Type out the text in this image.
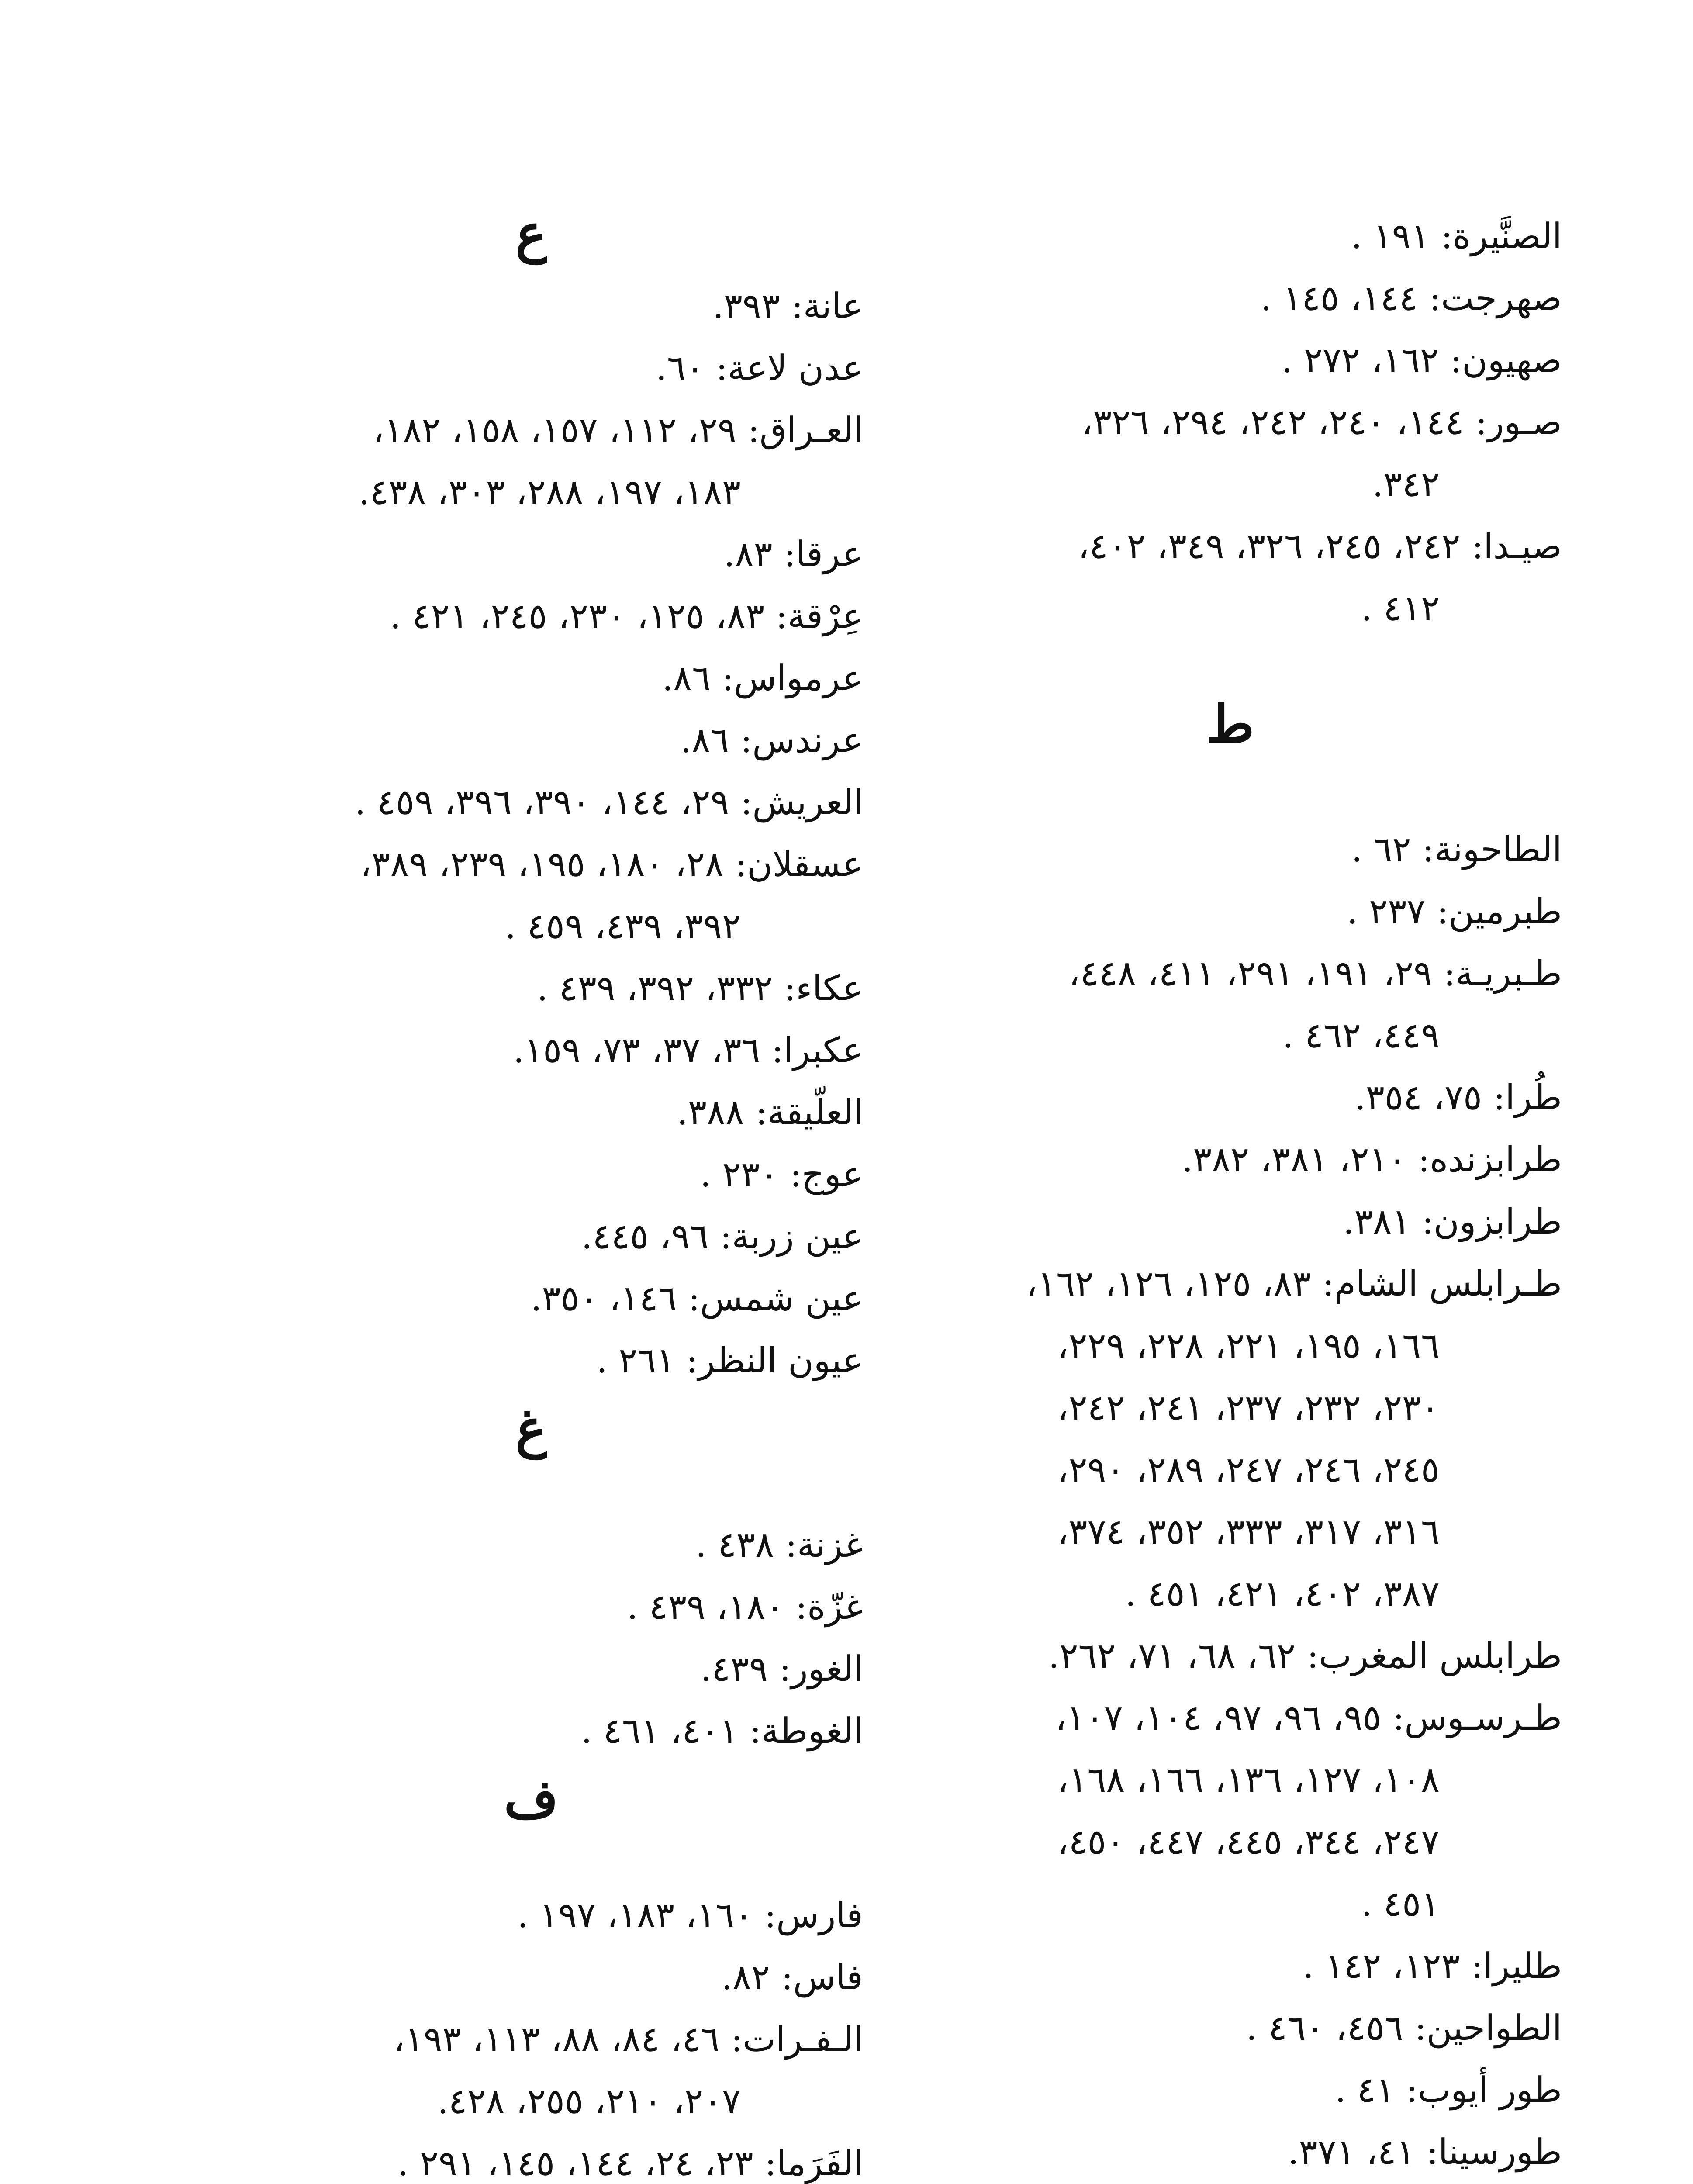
الصنَّيرة:١٩١ .
صهرجت:١٤٤، ١٤٥ .
صهيون:١٦٢، ٢٧٢ .
صـور:١٤٤، ٢٤٠، ٢٤٢، ٢٩٤، ٣٢٦،
٣٤٢.
صيـدا:٢٤٢، ٢٤٥، ٣٢٦، ٣٤٩، ٤٠٢،
٤١٢ .
ط
الطاحونة:٦٢ .
طبرمين:٢٣٧ .
طـبريـة:٢٩، ١٩١، ٢٩١، ٤١١، ٤٤٨،
٤٤٩، ٤٦٢ .
طُرا:٧٥، ٣٥٤.
طرابزنده:٢١٠، ٣٨١، ٣٨٢.
طرابزون:٣٨١.
طـرابلس الشام:٨٣، ١٢٥، ١٢٦، ١٦٢،
١٦٦، ١٩٥، ٢٢١، ٢٢٨، ٢٢٩،
٢٣٠، ٢٣٢، ٢٣٧، ٢٤١، ٢٤٢،
٢٤٥، ٢٤٦، ٢٤٧، ٢٨٩، ٢٩٠،
٣١٦، ٣١٧، ٣٣٣، ٣٥٢، ٣٧٤،
٣٨٧، ٤٠٢، ٤٢١، ٤٥١ .
طرابلس المغرب:٦٢، ٦٨، ٧١، ٢٦٢.
طـرسـوس:٩٥، ٩٦، ٩٧، ١٠٤، ١٠٧،
١٠٨، ١٢٧، ١٣٦، ١٦٦، ١٦٨،
٢٤٧، ٣٤٤، ٤٤٥، ٤٤٧، ٤٥٠،
٤٥١ .
طليرا:١٢٣، ١٤٢ .
الطواحين:٤٥٦، ٤٦٠ .
طور أيوب:٤١ .
طورسينا:٤١، ٣٧١.
ع
عانة:٣٩٣.
عدن لاعة:٦٠.
العـراق:٢٩، ١١٢، ١٥٧، ١٥٨، ١٨٢،
١٨٣، ١٩٧، ٢٨٨، ٣٠٣، ٤٣٨.
عرقا:٨٣.
عِرْقة:٨٣، ١٢٥، ٢٣٠، ٢٤٥، ٤٢١ .
عرمواس:٨٦.
عرندس:٨٦.
العريش:٢٩، ١٤٤، ٣٩٠، ٣٩٦، ٤٥٩ .
عسقلان:٢٨، ١٨٠، ١٩٥، ٢٣٩، ٣٨٩،
٣٩٢، ٤٣٩، ٤٥٩ .
عكاء:٣٣٢، ٣٩٢، ٤٣٩ .
عكبرا:٣٦، ٣٧، ٧٣، ١٥٩.
العلّيقة:٣٨٨.
عوج:٢٣٠ .
عين زربة:٩٦، ٤٤٥.
عين شمس:١٤٦، ٣٥٠.
عيون النظر:٢٦١ .
غ
غزنة:٤٣٨ .
غزّة:١٨٠، ٤٣٩ .
الغور:٤٣٩.
الغوطة:٤٠١، ٤٦١ .
ف
فارس:١٦٠، ١٨٣، ١٩٧ .
فاس:٨٢.
الـفـرات:٤٦، ٨٤، ٨٨، ١١٣، ١٩٣،
٢٠٧، ٢١٠، ٢٥٥، ٤٢٨.
الفَرَما:٢٣، ٢٤، ١٤٤، ١٤٥، ٢٩١ .
